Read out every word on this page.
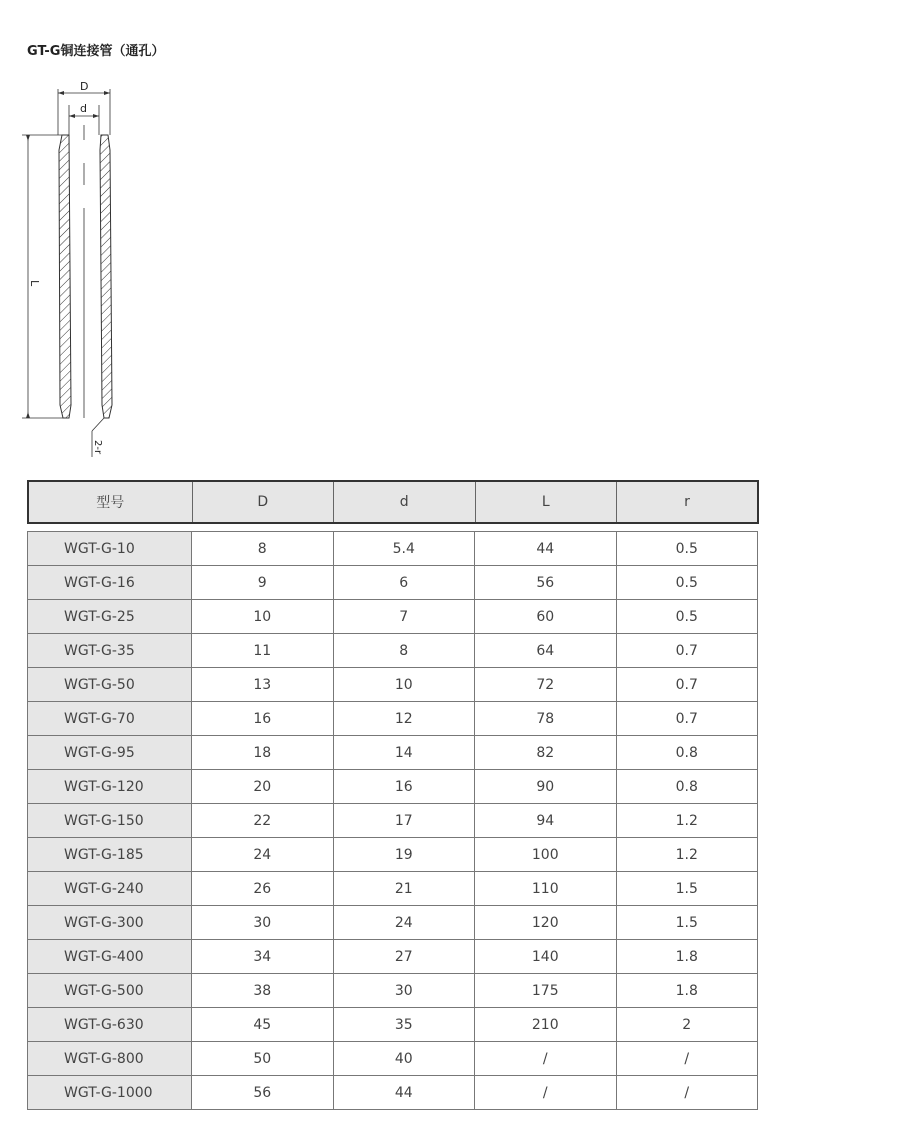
GT-G铜连接管（通孔）
D
d
L
2-r
型号	D	d	L	r
WGT-G-10	8	5.4	44	0.5
WGT-G-16	9	6	56	0.5
WGT-G-25	10	7	60	0.5
WGT-G-35	11	8	64	0.7
WGT-G-50	13	10	72	0.7
WGT-G-70	16	12	78	0.7
WGT-G-95	18	14	82	0.8
WGT-G-120	20	16	90	0.8
WGT-G-150	22	17	94	1.2
WGT-G-185	24	19	100	1.2
WGT-G-240	26	21	110	1.5
WGT-G-300	30	24	120	1.5
WGT-G-400	34	27	140	1.8
WGT-G-500	38	30	175	1.8
WGT-G-630	45	35	210	2
WGT-G-800	50	40	/	/
WGT-G-1000	56	44	/	/
